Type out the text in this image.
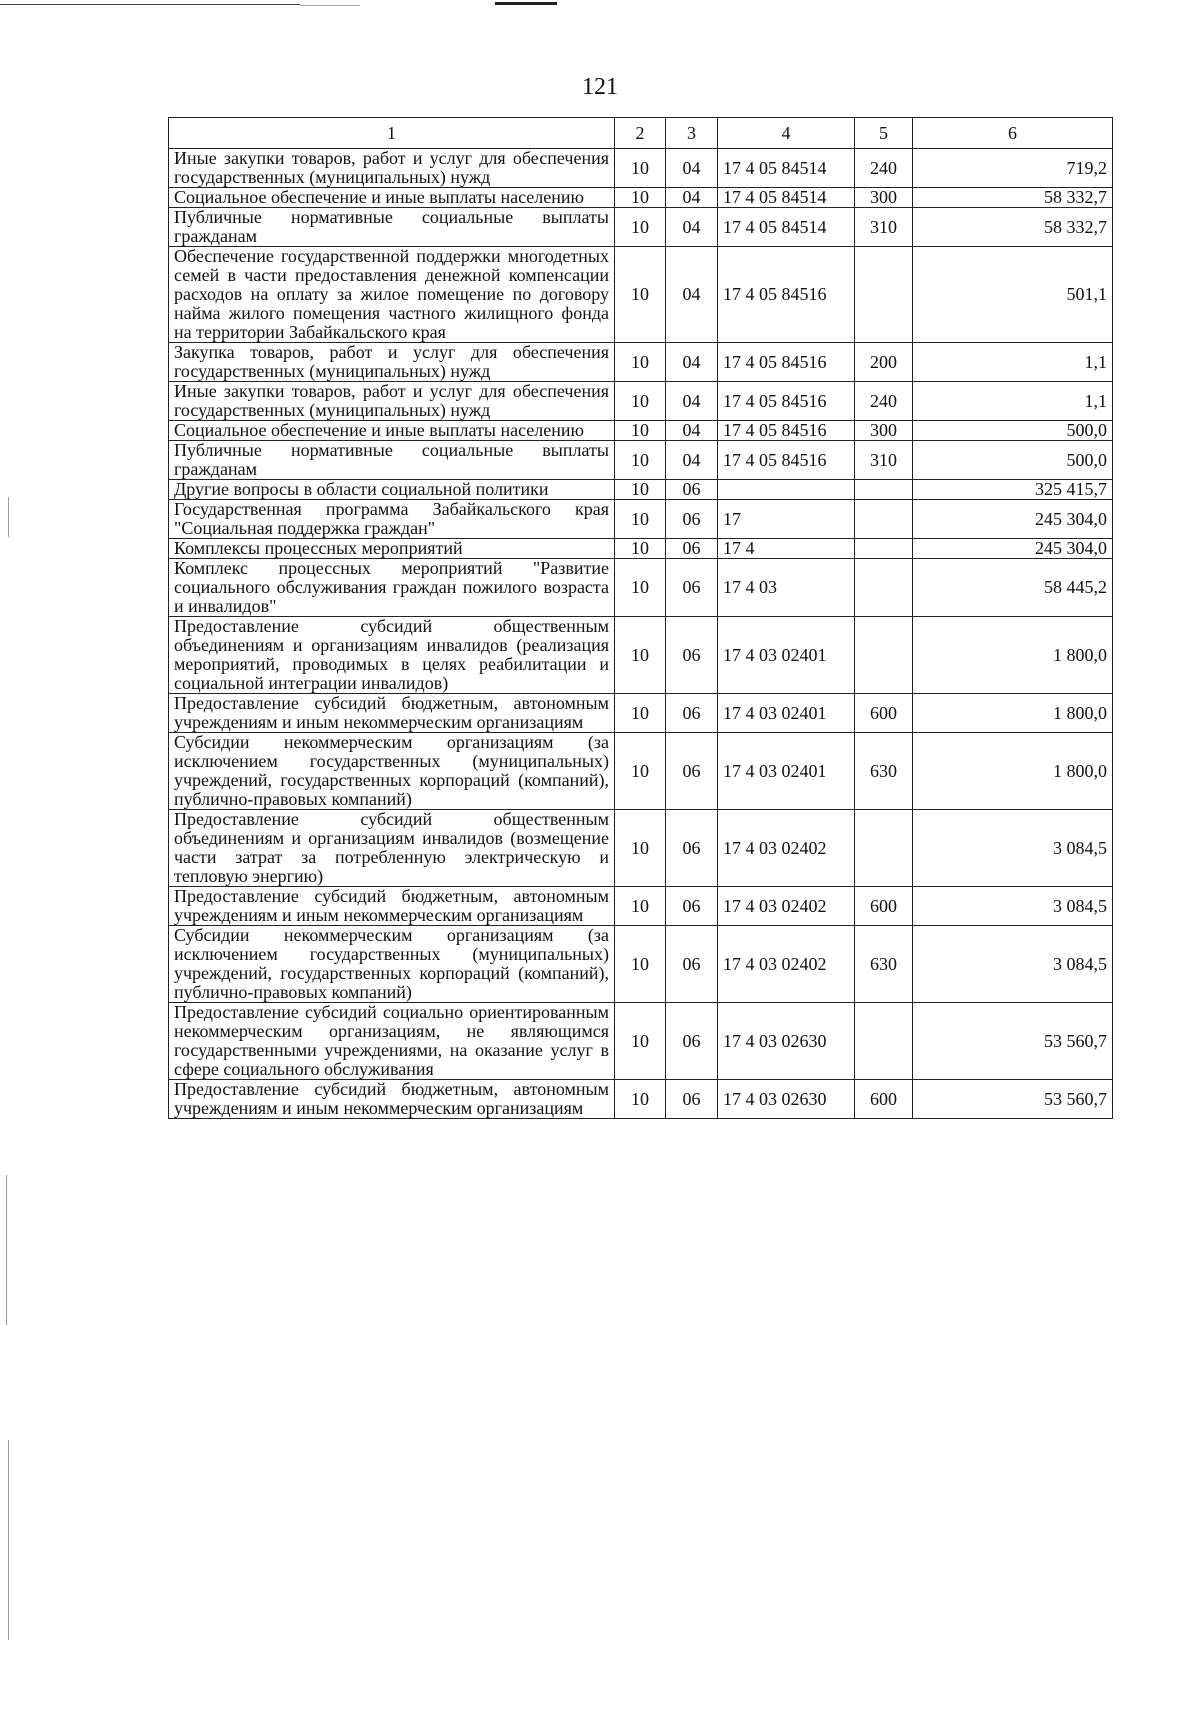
121
1	2	3	4	5	6
Иные закупки товаров, работ и услуг для обеспечения государственных (муниципальных) нужд	10	04	17 4 05 84514	240	719,2
Социальное обеспечение и иные выплаты населению	10	04	17 4 05 84514	300	58 332,7
Публичные нормативные социальные выплаты гражданам	10	04	17 4 05 84514	310	58 332,7
Обеспечение государственной поддержки многодетных семей в части предоставления денежной компенсации расходов на оплату за жилое помещение по договору найма жилого помещения частного жилищного фонда на территории Забайкальского края	10	04	17 4 05 84516		501,1
Закупка товаров, работ и услуг для обеспечения государственных (муниципальных) нужд	10	04	17 4 05 84516	200	1,1
Иные закупки товаров, работ и услуг для обеспечения государственных (муниципальных) нужд	10	04	17 4 05 84516	240	1,1
Социальное обеспечение и иные выплаты населению	10	04	17 4 05 84516	300	500,0
Публичные нормативные социальные выплаты гражданам	10	04	17 4 05 84516	310	500,0
Другие вопросы в области социальной политики	10	06			325 415,7
Государственная программа Забайкальского края "Социальная поддержка граждан"	10	06	17		245 304,0
Комплексы процессных мероприятий	10	06	17 4		245 304,0
Комплекс процессных мероприятий "Развитие социального обслуживания граждан пожилого возраста и инвалидов"	10	06	17 4 03		58 445,2
Предоставление субсидий общественным объединениям и организациям инвалидов (реализация мероприятий, проводимых в целях реабилитации и социальной интеграции инвалидов)	10	06	17 4 03 02401		1 800,0
Предоставление субсидий бюджетным, автономным учреждениям и иным некоммерческим организациям	10	06	17 4 03 02401	600	1 800,0
Субсидии некоммерческим организациям (за исключением государственных (муниципальных) учреждений, государственных корпораций (компаний), публично-правовых компаний)	10	06	17 4 03 02401	630	1 800,0
Предоставление субсидий общественным объединениям и организациям инвалидов (возмещение части затрат за потребленную электрическую и тепловую энергию)	10	06	17 4 03 02402		3 084,5
Предоставление субсидий бюджетным, автономным учреждениям и иным некоммерческим организациям	10	06	17 4 03 02402	600	3 084,5
Субсидии некоммерческим организациям (за исключением государственных (муниципальных) учреждений, государственных корпораций (компаний), публично-правовых компаний)	10	06	17 4 03 02402	630	3 084,5
Предоставление субсидий социально ориентированным некоммерческим организациям, не являющимся государственными учреждениями, на оказание услуг в сфере социального обслуживания	10	06	17 4 03 02630		53 560,7
Предоставление субсидий бюджетным, автономным учреждениям и иным некоммерческим организациям	10	06	17 4 03 02630	600	53 560,7
